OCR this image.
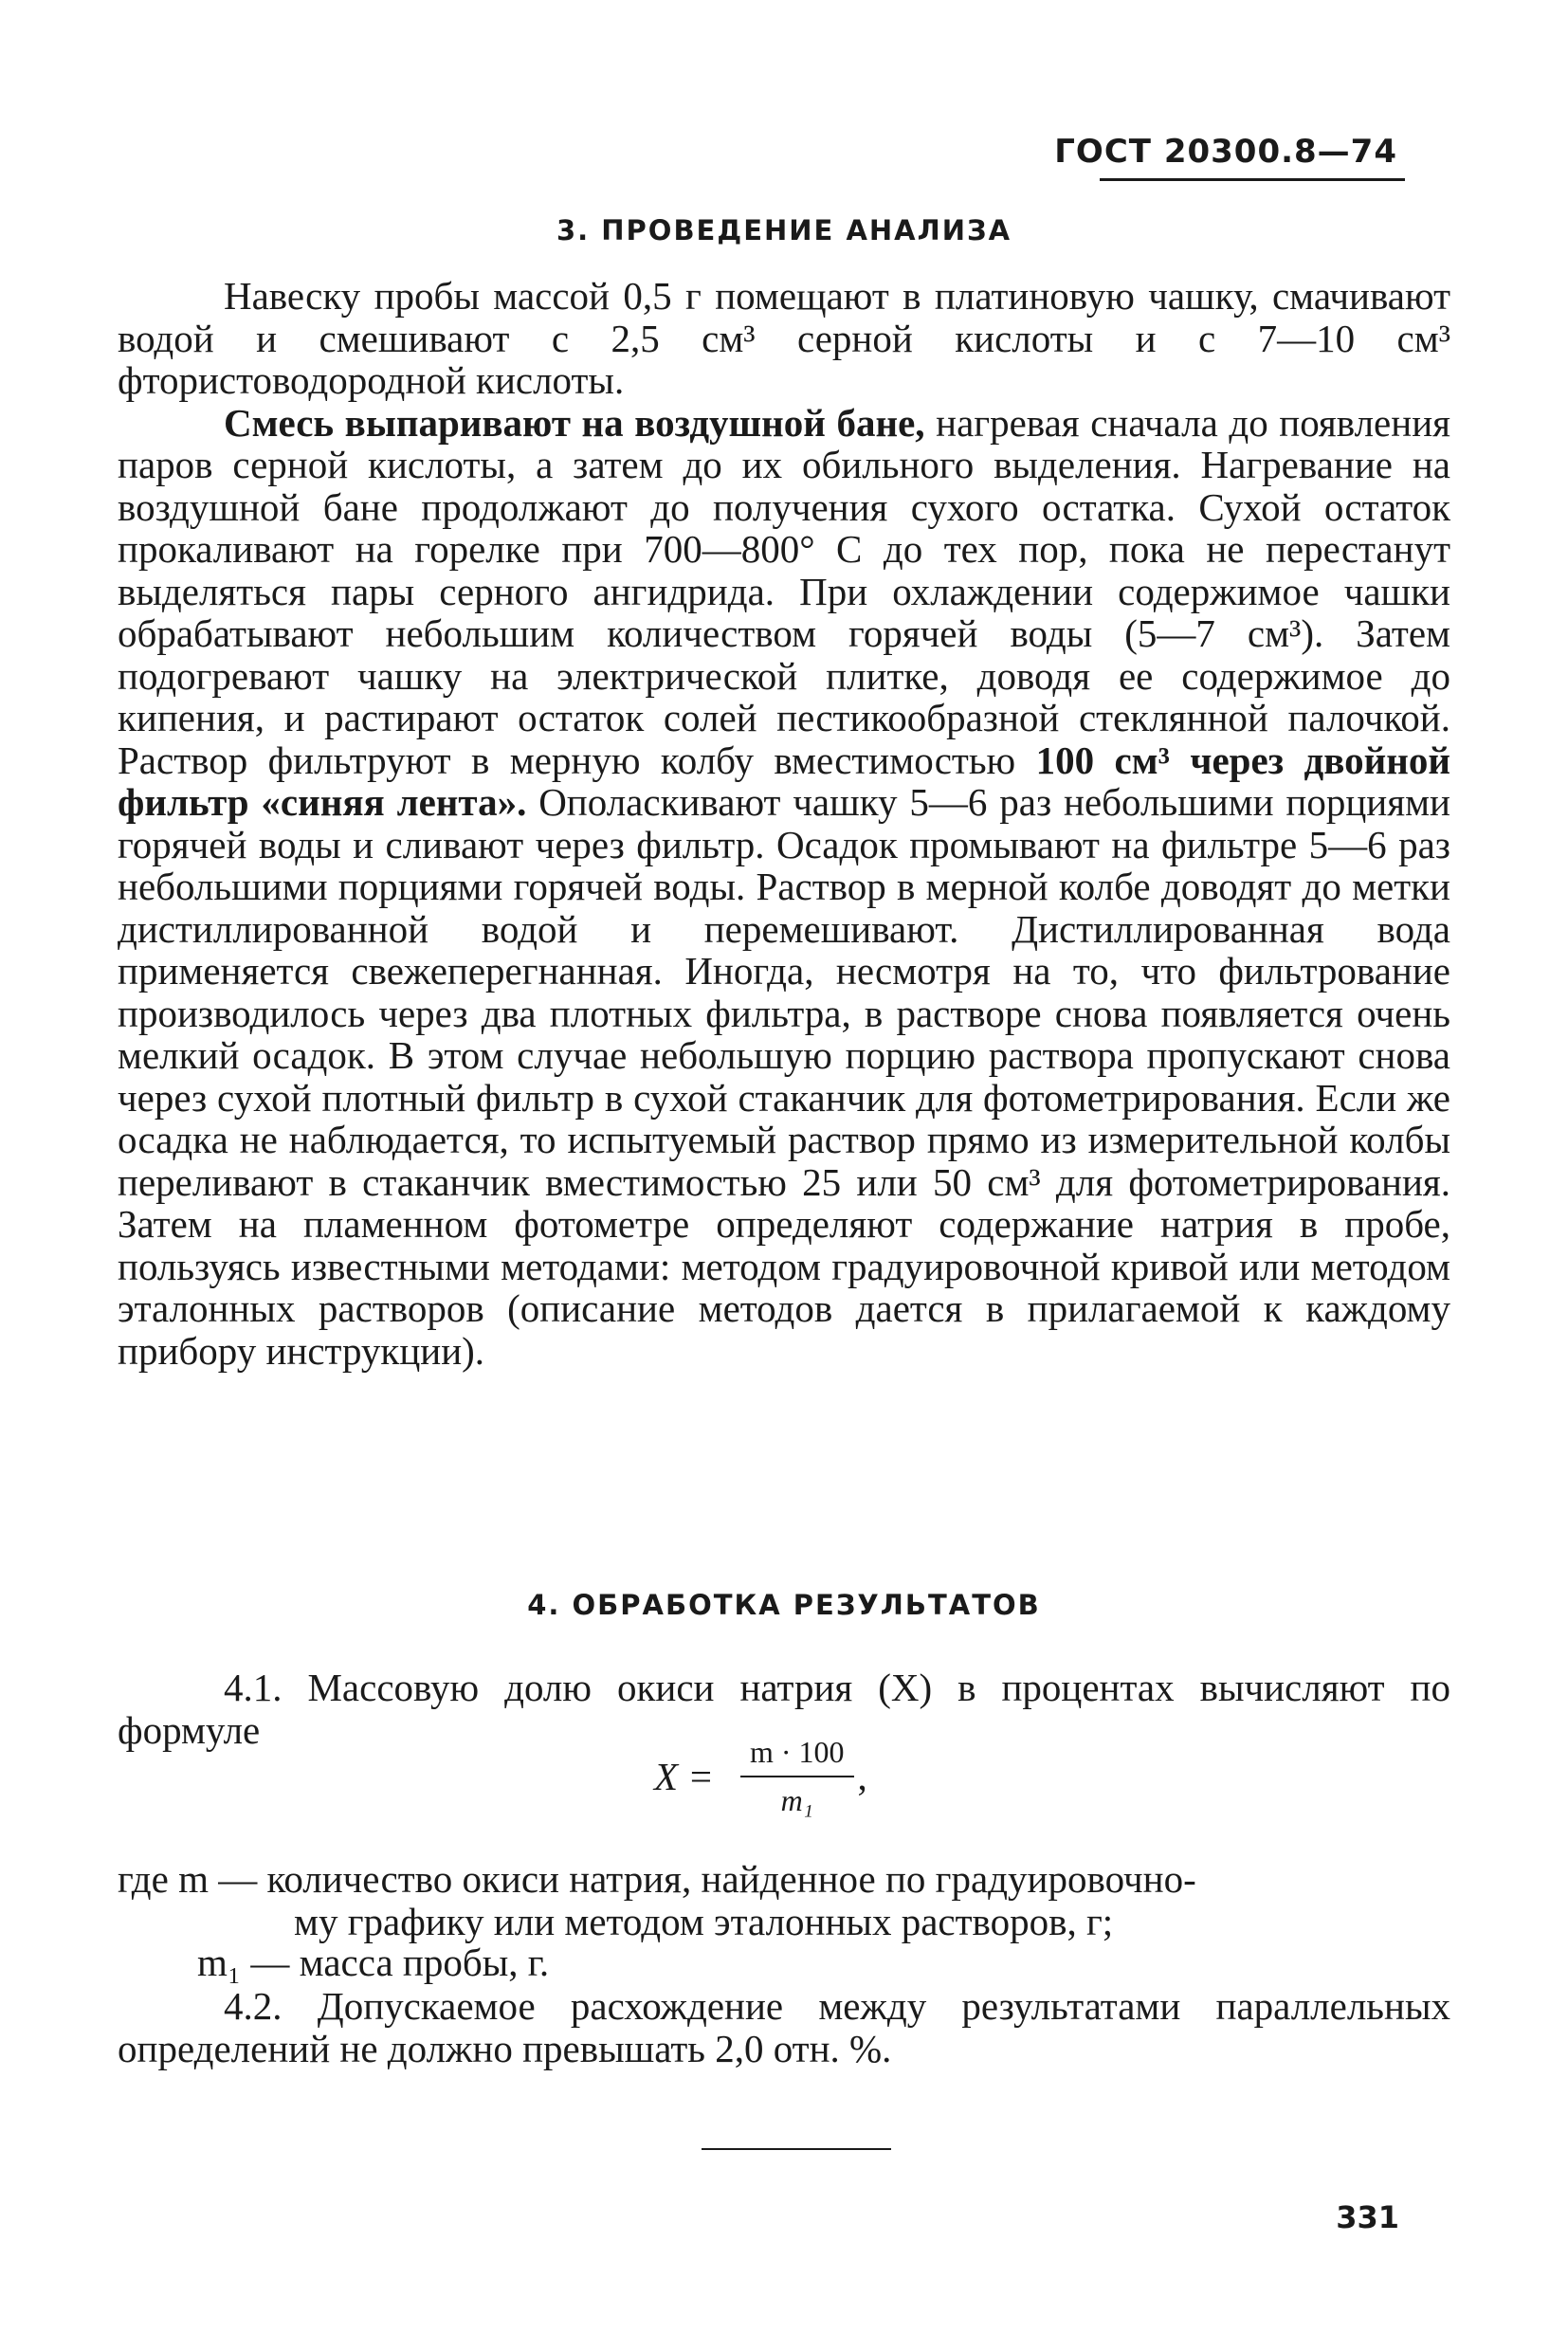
ГОСТ 20300.8—74
3. ПРОВЕДЕНИЕ АНАЛИЗА

Навеску пробы массой 0,5 г помещают в платиновую чашку, смачивают водой и смешивают с 2,5 см³ серной кислоты и с 7—10 см³ фтористоводородной кислоты.

Смесь выпаривают на воздушной бане, нагревая сначала до появления паров серной кислоты, а затем до их обильного выделения. Нагревание на воздушной бане продолжают до получения сухого остатка. Сухой остаток прокаливают на горелке при 700—800° С до тех пор, пока не перестанут выделяться пары серного ангидрида. При охлаждении содержимое чашки обрабатывают небольшим количеством горячей воды (5—7 см³). Затем подогревают чашку на электрической плитке, доводя ее содержимое до кипения, и растирают остаток солей пестикообразной стеклянной палочкой. Раствор фильтруют в мерную колбу вместимостью 100 см³ через двойной фильтр «синяя лента». Ополаскивают чашку 5—6 раз небольшими порциями горячей воды и сливают через фильтр. Осадок промывают на фильтре 5—6 раз небольшими порциями горячей воды. Раствор в мерной колбе доводят до метки дистиллированной водой и перемешивают. Дистиллированная вода применяется свежеперегнанная. Иногда, несмотря на то, что фильтрование производилось через два плотных фильтра, в растворе снова появляется очень мелкий осадок. В этом случае небольшую порцию раствора пропускают снова через сухой плотный фильтр в сухой стаканчик для фотометрирования. Если же осадка не наблюдается, то испытуемый раствор прямо из измерительной колбы переливают в стаканчик вместимостью 25 или 50 см³ для фотометрирования. Затем на пламенном фотометре определяют содержание натрия в пробе, пользуясь известными методами: методом градуировочной кривой или методом эталонных растворов (описание методов дается в прилагаемой к каждому прибору инструкции).

4. ОБРАБОТКА РЕЗУЛЬТАТОВ

4.1. Массовую долю окиси натрия (X) в процентах вычисляют по формуле

$X = \frac{m \cdot 100}{\text{m₁}}$ ,
где m — количество окиси натрия, найденное по градуировочно-
му графику или методом эталонных растворов, г;
m₁ — масса пробы, г.

4.2. Допускаемое расхождение между результатами параллельных определений не должно превышать 2,0 отн. %.

331
